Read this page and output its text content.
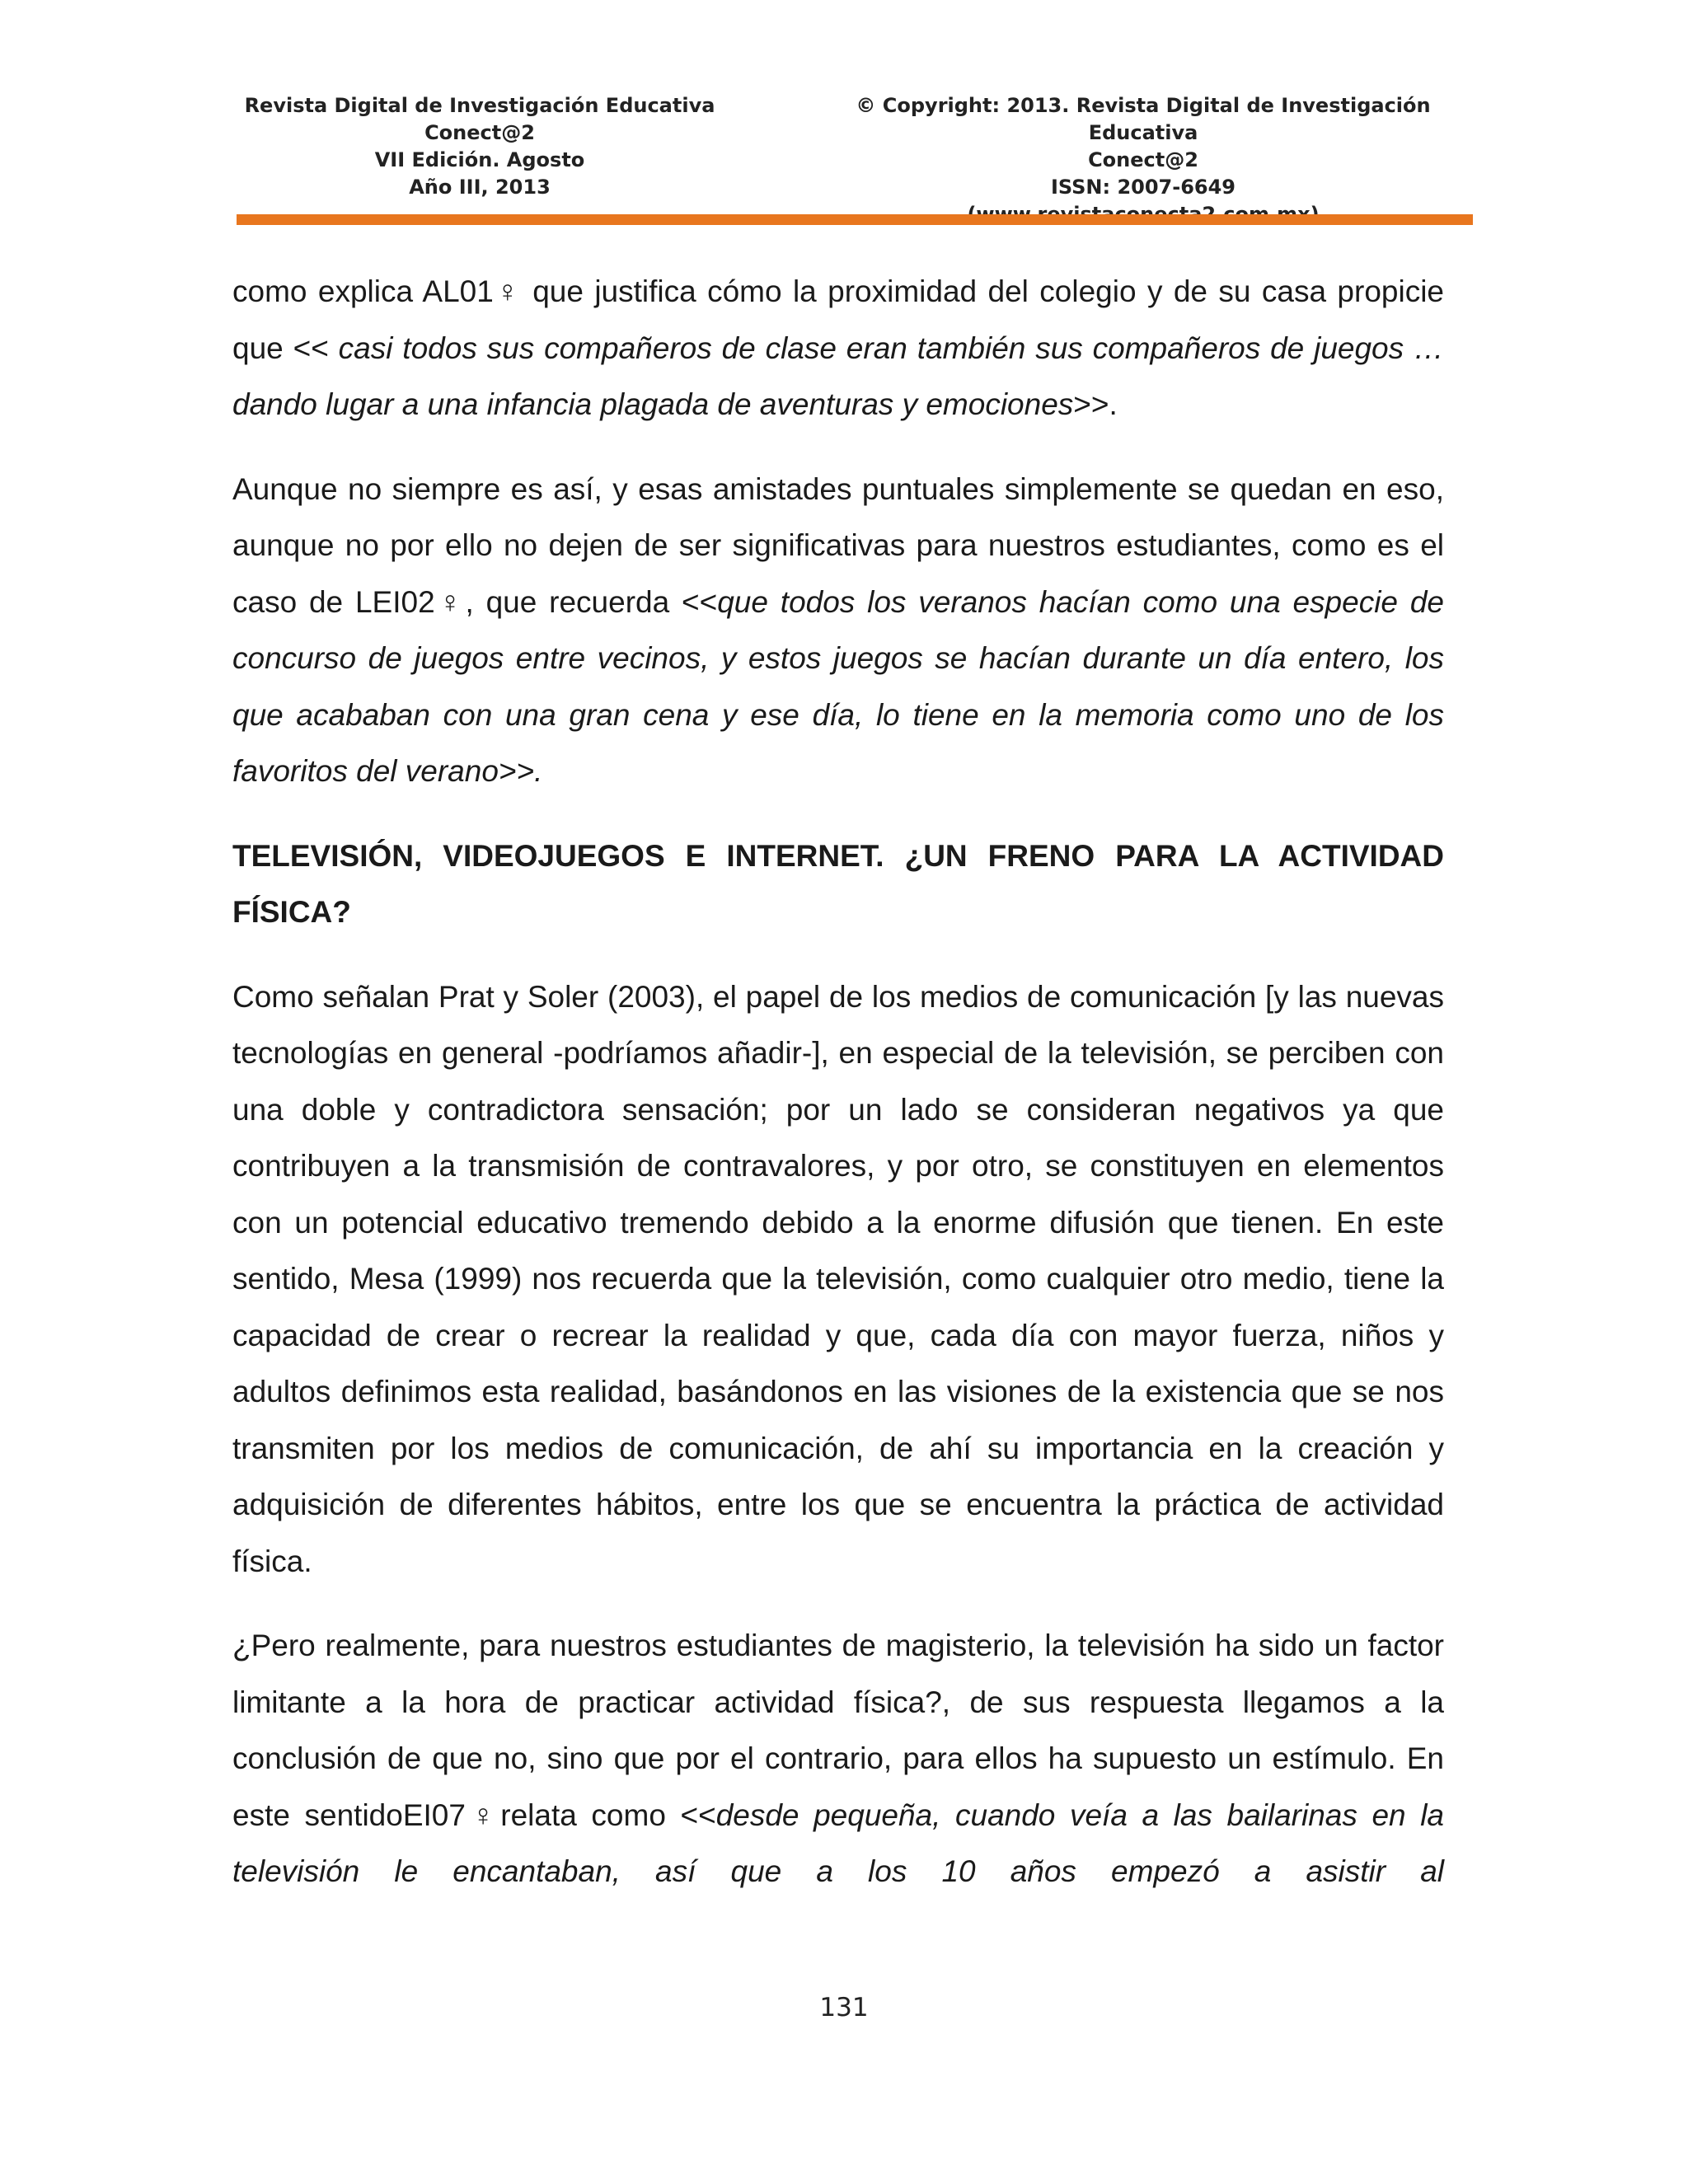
Revista Digital de Investigación Educativa
Conect@2
VII Edición. Agosto
Año III, 2013
© Copyright: 2013. Revista Digital de Investigación Educativa
Conect@2
ISSN: 2007-6649

como explica AL01♀ que justifica cómo la proximidad del colegio y de su casa propicie que << casi todos sus compañeros de clase eran también sus compañeros de juegos … dando lugar a una infancia plagada de aventuras y emociones>>.

Aunque no siempre es así, y esas amistades puntuales simplemente se quedan en eso, aunque no por ello no dejen de ser significativas para nuestros estudiantes, como es el caso de LEI02♀, que recuerda <<que todos los veranos hacían como una especie de concurso de juegos entre vecinos, y estos juegos se hacían durante un día entero, los que acababan con una gran cena y ese día, lo tiene en la memoria como uno de los favoritos del verano>>.

TELEVISIÓN, VIDEOJUEGOS E INTERNET. ¿UN FRENO PARA LA ACTIVIDAD FÍSICA?

Como señalan Prat y Soler (2003), el papel de los medios de comunicación [y las nuevas tecnologías en general -podríamos añadir-], en especial de la televisión, se perciben con una doble y contradictora sensación; por un lado se consideran negativos ya que contribuyen a la transmisión de contravalores, y por otro, se constituyen en elementos con un potencial educativo tremendo debido a la enorme difusión que tienen. En este sentido, Mesa (1999) nos recuerda que la televisión, como cualquier otro medio, tiene la capacidad de crear o recrear la realidad y que, cada día con mayor fuerza, niños y adultos definimos esta realidad, basándonos en las visiones de la existencia que se nos transmiten por los medios de comunicación, de ahí su importancia en la creación y adquisición de diferentes hábitos, entre los que se encuentra la práctica de actividad física.

¿Pero realmente, para nuestros estudiantes de magisterio, la televisión ha sido un factor limitante a la hora de practicar actividad física?, de sus respuesta llegamos a la conclusión de que no, sino que por el contrario, para ellos ha supuesto un estímulo. En este sentidoEI07♀relata como <<desde pequeña, cuando veía a las bailarinas en la televisión le encantaban, así que a los 10 años empezó a asistir al

131
